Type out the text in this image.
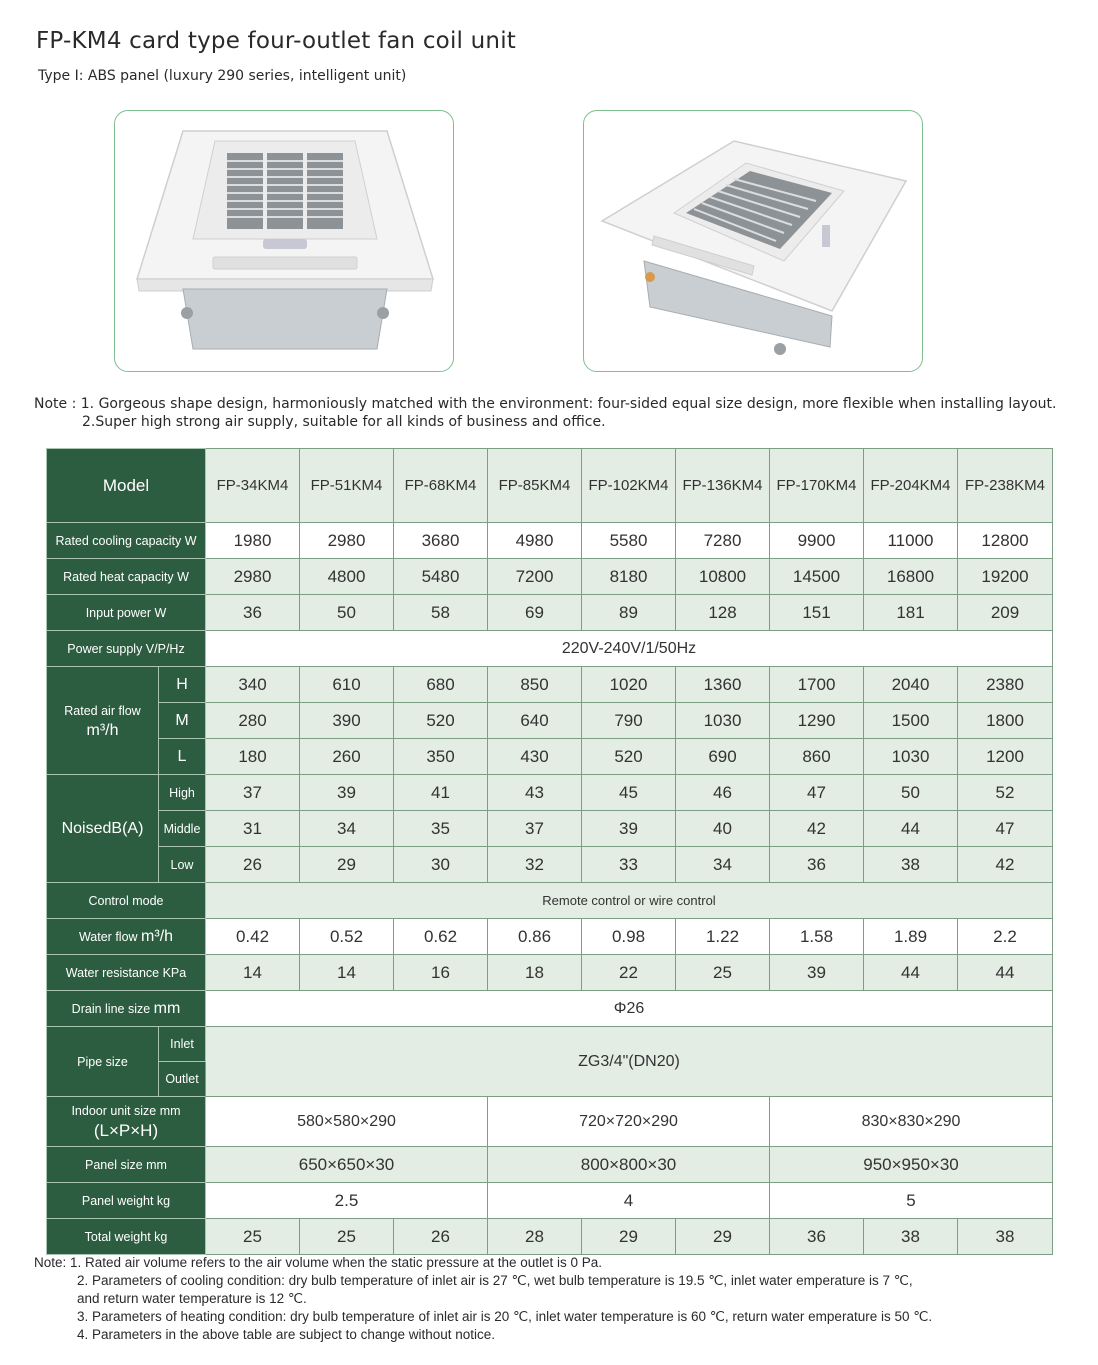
FP-KM4 card type four-outlet fan coil unit
Type I: ABS panel (luxury 290 series, intelligent unit)
Note : 1. Gorgeous shape design, harmoniously matched with the environment: four-sided equal size design, more flexible when installing layout.
2.Super high strong air supply, suitable for all kinds of business and office.
Model		FP-34KM4	FP-51KM4	FP-68KM4	FP-85KM4	FP-102KM4	FP-136KM4	FP-170KM4	FP-204KM4	FP-238KM4
Rated cooling capacity W		1980	2980	3680	4980	5580	7280	9900	11000	12800
Rated heat capacity W		2980	4800	5480	7200	8180	10800	14500	16800	19200
Input power W		36	50	58	69	89	128	151	181	209
Power supply V/P/Hz		220V-240V/1/50Hz								
Rated air flow
m³/h	H	340	610	680	850	1020	1360	1700	2040	2380
	M	280	390	520	640	790	1030	1290	1500	1800
	L	180	260	350	430	520	690	860	1030	1200
NoisedB(A)	High	37	39	41	43	45	46	47	50	52
	Middle	31	34	35	37	39	40	42	44	47
	Low	26	29	30	32	33	34	36	38	42
Control mode		Remote control or wire control								
Water flow m³/h		0.42	0.52	0.62	0.86	0.98	1.22	1.58	1.89	2.2
Water resistance KPa		14	14	16	18	22	25	39	44	44
Drain line size mm		Φ26								
Pipe size	Inlet	ZG3/4"(DN20)								
	Outlet									
Indoor unit size mm
(L×P×H)		580×580×290			720×720×290			830×830×290		
Panel size mm		650×650×30			800×800×30			950×950×30		
Panel weight kg		2.5			4			5		
Total weight kg		25	25	26	28	29	29	36	38	38
Note: 1. Rated air volume refers to the air volume when the static pressure at the outlet is 0 Pa.
2. Parameters of cooling condition: dry bulb temperature of inlet air is 27 ℃, wet bulb temperature is 19.5 ℃, inlet water emperature is 7 ℃,
and return water temperature is 12 ℃.
3. Parameters of heating condition: dry bulb temperature of inlet air is 20 ℃, inlet water temperature is 60 ℃, return water emperature is 50 ℃.
4. Parameters in the above table are subject to change without notice.
